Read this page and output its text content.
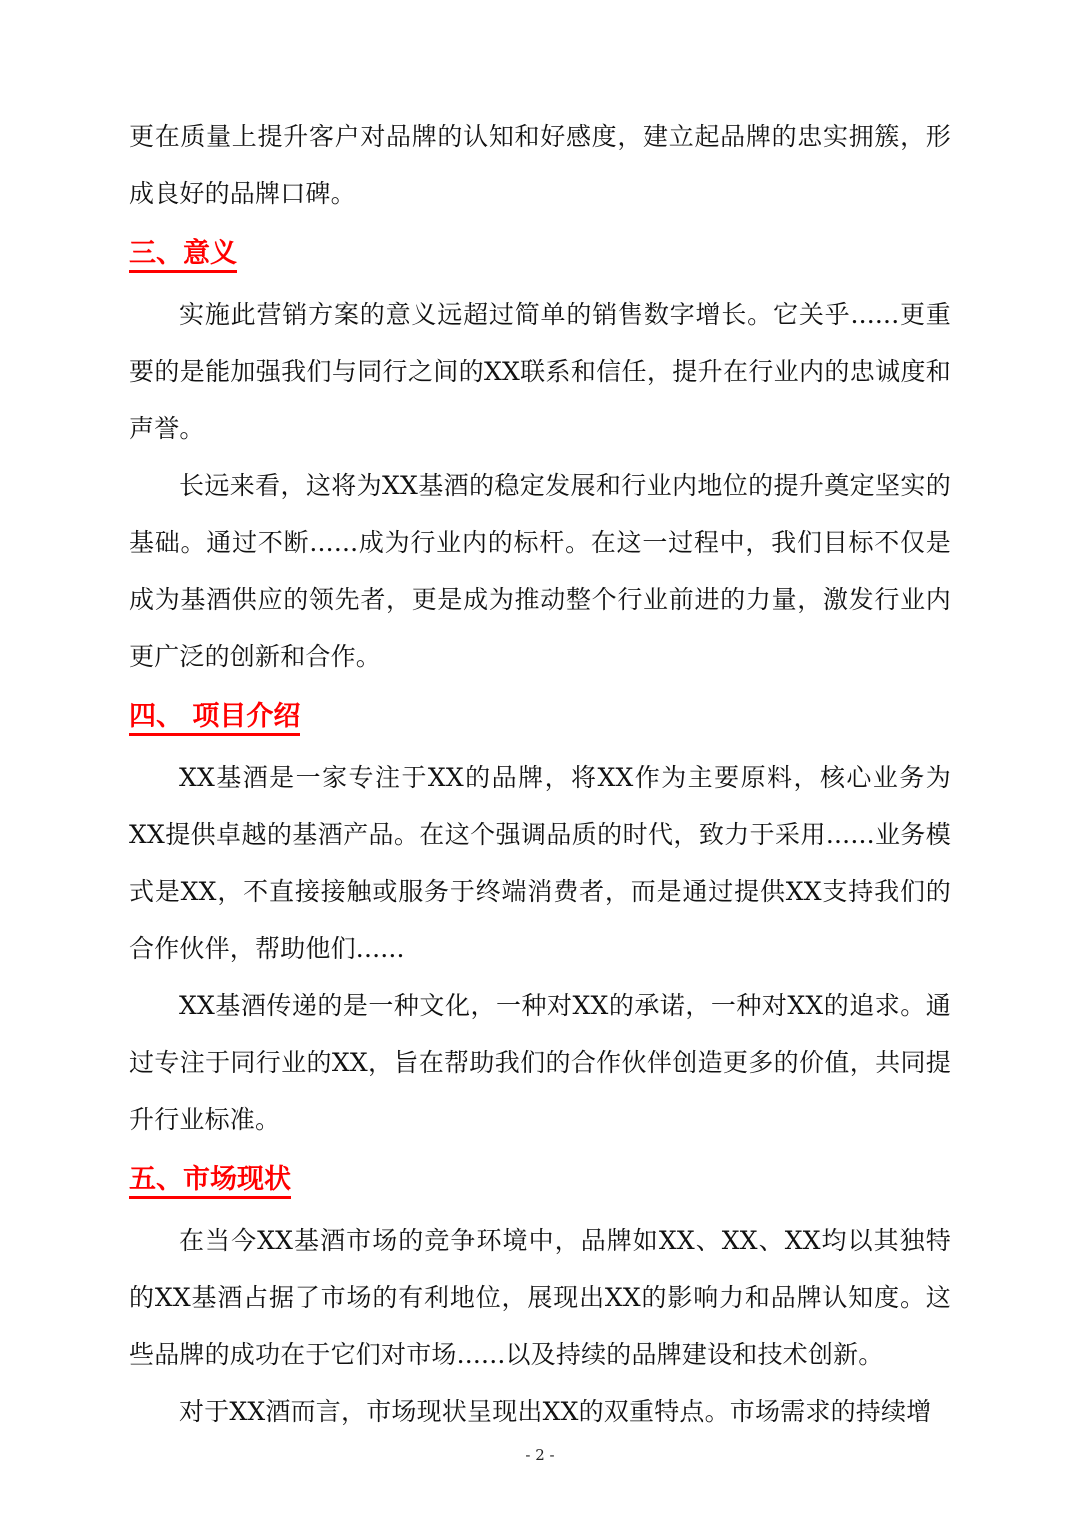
更在质量上提升客户对品牌的认知和好感度，建立起品牌的忠实拥簇，形成良好的品牌口碑。

三、意义

实施此营销方案的意义远超过简单的销售数字增长。它关乎......更重要的是能加强我们与同行之间的XX联系和信任，提升在行业内的忠诚度和声誉。

长远来看，这将为XX基酒的稳定发展和行业内地位的提升奠定坚实的基础。通过不断......成为行业内的标杆。在这一过程中，我们目标不仅是成为基酒供应的领先者，更是成为推动整个行业前进的力量，激发行业内更广泛的创新和合作。

四、 项目介绍

XX基酒是一家专注于XX的品牌，将XX作为主要原料，核心业务为XX提供卓越的基酒产品。在这个强调品质的时代，致力于采用......业务模式是XX，不直接接触或服务于终端消费者，而是通过提供XX支持我们的合作伙伴，帮助他们......

XX基酒传递的是一种文化，一种对XX的承诺，一种对XX的追求。通过专注于同行业的XX，旨在帮助我们的合作伙伴创造更多的价值，共同提升行业标准。

五、市场现状

在当今XX基酒市场的竞争环境中，品牌如XX、XX、XX均以其独特的XX基酒占据了市场的有利地位，展现出XX的影响力和品牌认知度。这些品牌的成功在于它们对市场......以及持续的品牌建设和技术创新。

对于XX酒而言，市场现状呈现出XX的双重特点。市场需求的持续增

- 2 -
